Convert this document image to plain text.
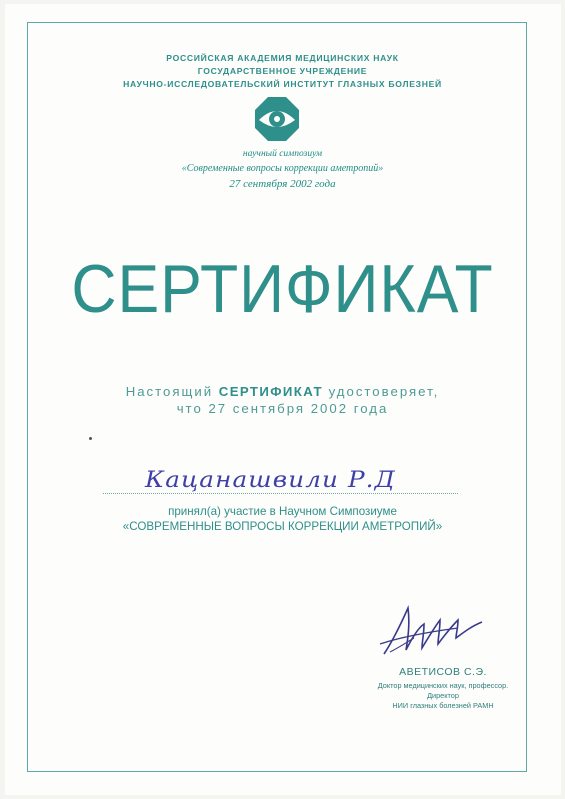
РОССИЙСКАЯ АКАДЕМИЯ МЕДИЦИНСКИХ НАУК
ГОСУДАРСТВЕННОЕ УЧРЕЖДЕНИЕ
НАУЧНО-ИССЛЕДОВАТЕЛЬСКИЙ ИНСТИТУТ ГЛАЗНЫХ БОЛЕЗНЕЙ
научный симпозиум
«Современные вопросы коррекции аметропий»
27 сентября 2002 года
СЕРТИФИКАТ
Настоящий СЕРТИФИКАТ удостоверяет,
что 27 сентября 2002 года
Кацанашвили Р.Д
принял(а) участие в Научном Симпозиуме
«СОВРЕМЕННЫЕ ВОПРОСЫ КОРРЕКЦИИ АМЕТРОПИЙ»
АВЕТИСОВ С.Э.
Доктор медицинских наук, профессор.
Директор
НИИ глазных болезней РАМН
